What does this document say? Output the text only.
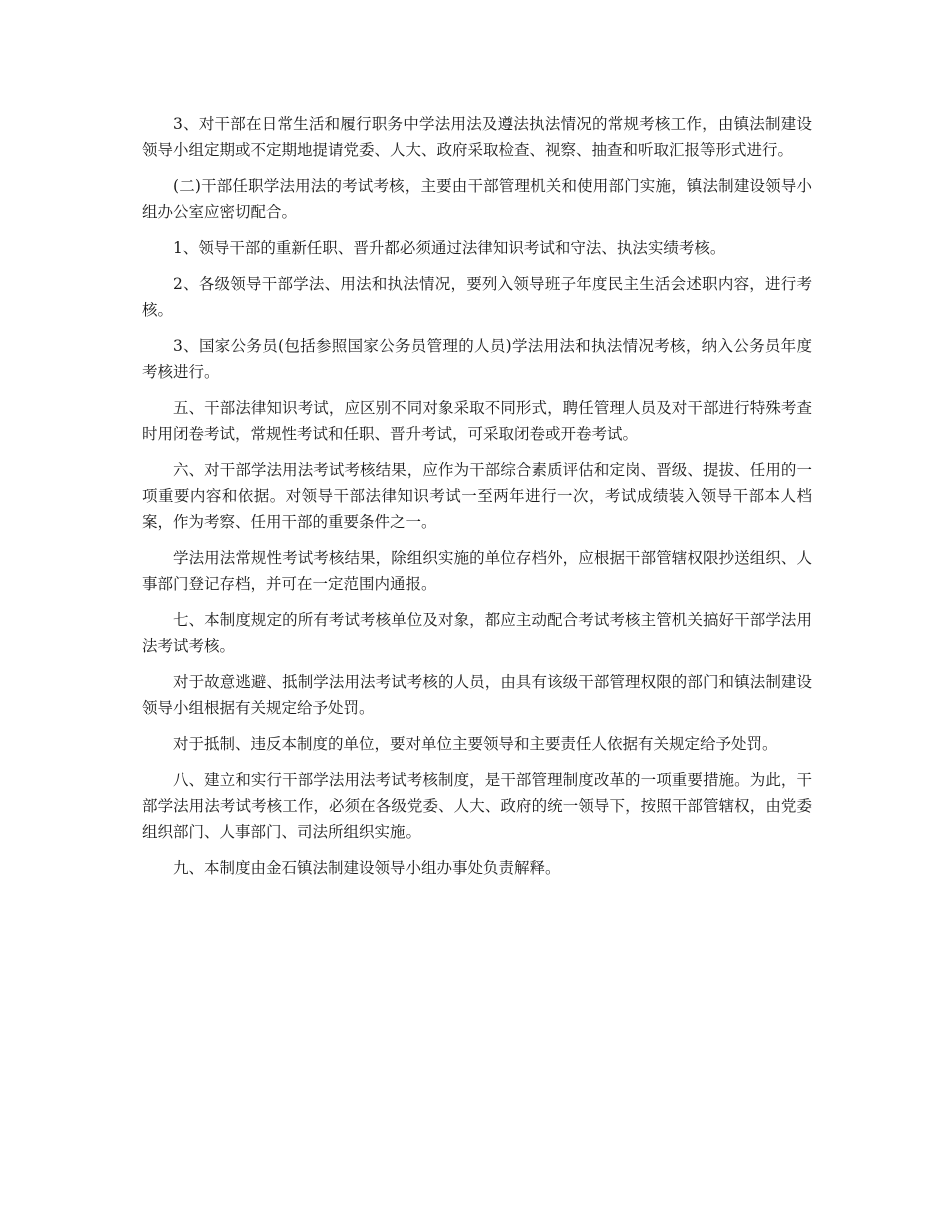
3、对干部在日常生活和履行职务中学法用法及遵法执法情况的常规考核工作，由镇法制建设领导小组定期或不定期地提请党委、人大、政府采取检查、视察、抽查和听取汇报等形式进行。

(二)干部任职学法用法的考试考核，主要由干部管理机关和使用部门实施，镇法制建设领导小组办公室应密切配合。

1、领导干部的重新任职、晋升都必须通过法律知识考试和守法、执法实绩考核。

2、各级领导干部学法、用法和执法情况，要列入领导班子年度民主生活会述职内容，进行考核。

3、国家公务员(包括参照国家公务员管理的人员)学法用法和执法情况考核，纳入公务员年度考核进行。

五、干部法律知识考试，应区别不同对象采取不同形式，聘任管理人员及对干部进行特殊考查时用闭卷考试，常规性考试和任职、晋升考试，可采取闭卷或开卷考试。

六、对干部学法用法考试考核结果，应作为干部综合素质评估和定岗、晋级、提拔、任用的一项重要内容和依据。对领导干部法律知识考试一至两年进行一次，考试成绩装入领导干部本人档案，作为考察、任用干部的重要条件之一。

学法用法常规性考试考核结果，除组织实施的单位存档外，应根据干部管辖权限抄送组织、人事部门登记存档，并可在一定范围内通报。

七、本制度规定的所有考试考核单位及对象，都应主动配合考试考核主管机关搞好干部学法用法考试考核。

对于故意逃避、抵制学法用法考试考核的人员，由具有该级干部管理权限的部门和镇法制建设领导小组根据有关规定给予处罚。

对于抵制、违反本制度的单位，要对单位主要领导和主要责任人依据有关规定给予处罚。

八、建立和实行干部学法用法考试考核制度，是干部管理制度改革的一项重要措施。为此，干部学法用法考试考核工作，必须在各级党委、人大、政府的统一领导下，按照干部管辖权，由党委组织部门、人事部门、司法所组织实施。

九、本制度由金石镇法制建设领导小组办事处负责解释。
